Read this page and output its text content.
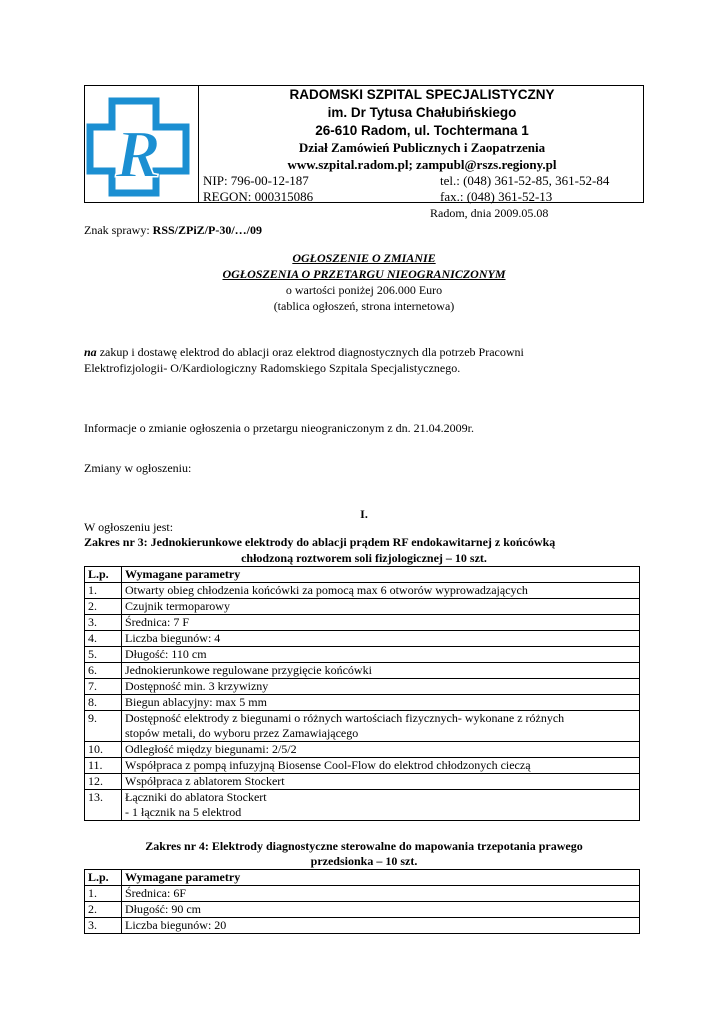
R
RADOMSKI SZPITAL SPECJALISTYCZNY
im. Dr Tytusa Chałubińskiego
26-610 Radom, ul. Tochtermana 1
Dział Zamówień Publicznych i Zaopatrzenia
www.szpital.radom.pl; zampubl@rszs.regiony.pl
NIP: 796-00-12-187	tel.: (048) 361-52-85, 361-52-84
REGON: 000315086	fax.: (048) 361-52-13
Radom, dnia 2009.05.08
Znak sprawy: RSS/ZPiZ/P-30/…/09
OGŁOSZENIE O ZMIANIE
OGŁOSZENIA O PRZETARGU NIEOGRANICZONYM
o wartości poniżej 206.000 Euro
(tablica ogłoszeń, strona internetowa)
na zakup i dostawę elektrod do ablacji oraz elektrod diagnostycznych dla potrzeb Pracowni
Elektrofizjologii- O/Kardiologiczny Radomskiego Szpitala Specjalistycznego.
Informacje o zmianie ogłoszenia o przetargu nieograniczonym z dn. 21.04.2009r.
Zmiany w ogłoszeniu:
I.
W ogłoszeniu jest:
Zakres nr 3: Jednokierunkowe elektrody do ablacji prądem RF endokawitarnej z końcówką
chłodzoną roztworem soli fizjologicznej – 10 szt.
L.p.	Wymagane parametry
1.	Otwarty obieg chłodzenia końcówki za pomocą max 6 otworów wyprowadzających

2.	Czujnik termoparowy

3.	Średnica: 7 F

4.	Liczba biegunów: 4

5.	Długość: 110 cm

6.	Jednokierunkowe regulowane przygięcie końcówki

7.	Dostępność min. 3 krzywizny

8.	Biegun ablacyjny: max 5 mm

9.	Dostępność elektrody z biegunami o różnych wartościach fizycznych- wykonane z różnych
stopów metali, do wyboru przez Zamawiającego

10.	Odległość między biegunami: 2/5/2

11.	Współpraca z pompą infuzyjną Biosense Cool-Flow do elektrod chłodzonych cieczą

12.	Współpraca z ablatorem Stockert

13.	Łączniki do ablatora Stockert
- 1 łącznik na 5 elektrod
Zakres nr 4: Elektrody diagnostyczne sterowalne do mapowania trzepotania prawego
przedsionka – 10 szt.
L.p.	Wymagane parametry
1.	Średnica: 6F

2.	Długość: 90 cm

3.	Liczba biegunów: 20
